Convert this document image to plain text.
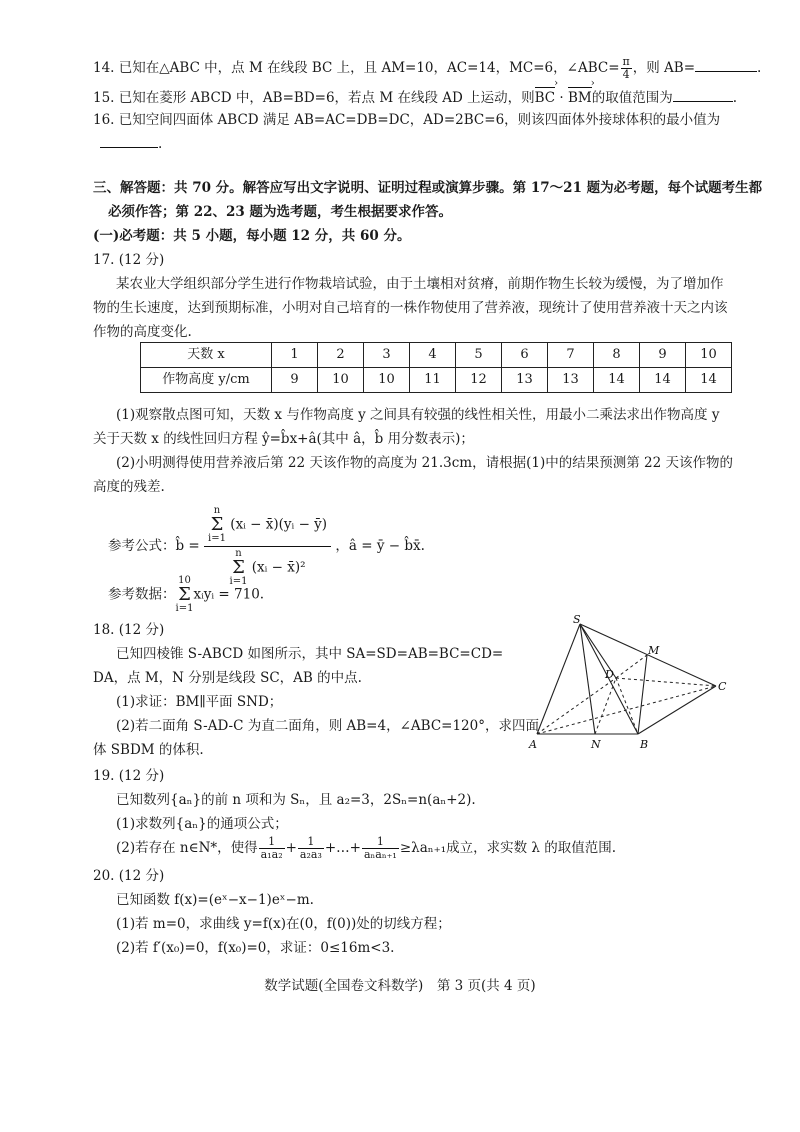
14. 已知在△ABC 中，点 M 在线段 BC 上，且 AM=10，AC=14，MC=6，∠ABC= $\frac{\pi}{4}$ ，则 AB=	.
15. 已知在菱形 ABCD 中，AB=BD=6，若点 M 在线段 AD 上运动，则BC › · BM ›的取值范围为	.
16. 已知空间四面体 ABCD 满足 AB=AC=DB=DC，AD=2BC=6，则该四面体外接球体积的最小值为
.
三、解答题：共 70 分。解答应写出文字说明、证明过程或演算步骤。第 17～21 题为必考题，每个试题考生都
必须作答；第 22、23 题为选考题，考生根据要求作答。
(一)必考题：共 5 小题，每小题 12 分，共 60 分。
17. (12 分)
某农业大学组织部分学生进行作物栽培试验，由于土壤相对贫瘠，前期作物生长较为缓慢，为了增加作
物的生长速度，达到预期标准，小明对自己培育的一株作物使用了营养液，现统计了使用营养液十天之内该
作物的高度变化.
天数 x	1	2	3	4	5	6	7	8	9	10
作物高度 y/cm	9	10	10	11	12	13	13	14	14	14
(1)观察散点图可知，天数 x 与作物高度 y 之间具有较强的线性相关性，用最小二乘法求出作物高度 y
关于天数 x 的线性回归方程 ŷ=b̂x+â(其中 â，b̂ 用分数表示)；
(2)小明测得使用营养液后第 22 天该作物的高度为 21.3cm，请根据(1)中的结果预测第 22 天该作物的
高度的残差.
参考公式：b̂ = n
Σ
i=1 (xᵢ − x̄)(yᵢ − ȳ)
n
Σ
i=1 (xᵢ − x̄)² ，â = ȳ − b̂x̄.
参考数据：10
Σ
i=1xᵢyᵢ = 710.
18. (12 分)
已知四棱锥 S-ABCD 如图所示，其中 SA=SD=AB=BC=CD=
DA，点 M，N 分别是线段 SC，AB 的中点.
(1)求证：BM∥平面 SND；
(2)若二面角 S-AD-C 为直二面角，则 AB=4，∠ABC=120°，求四面
体 SBDM 的体积.
S
M
D
C
A	N	B
19. (12 分)
已知数列{aₙ}的前 n 项和为 Sₙ，且 a₂=3，2Sₙ=n(aₙ+2).
(1)求数列{aₙ}的通项公式；
(2)若存在 n∈N*，使得 $\frac{1}{\text{a₁a₂}} + \frac{1}{\text{a₂a₃}}$ +…+ $\frac{1}{\text{aₙaₙ₊₁}} \ge\lambda a_{n+1}$成立，求实数 λ 的取值范围.
20. (12 分)
已知函数 f(x)=(eˣ−x−1)eˣ−m.
(1)若 m=0，求曲线 y=f(x)在(0，f(0))处的切线方程；
(2)若 f′(x₀)=0，f(x₀)=0，求证：0≤16m<3.
数学试题(全国卷文科数学)　第 3 页(共 4 页)
